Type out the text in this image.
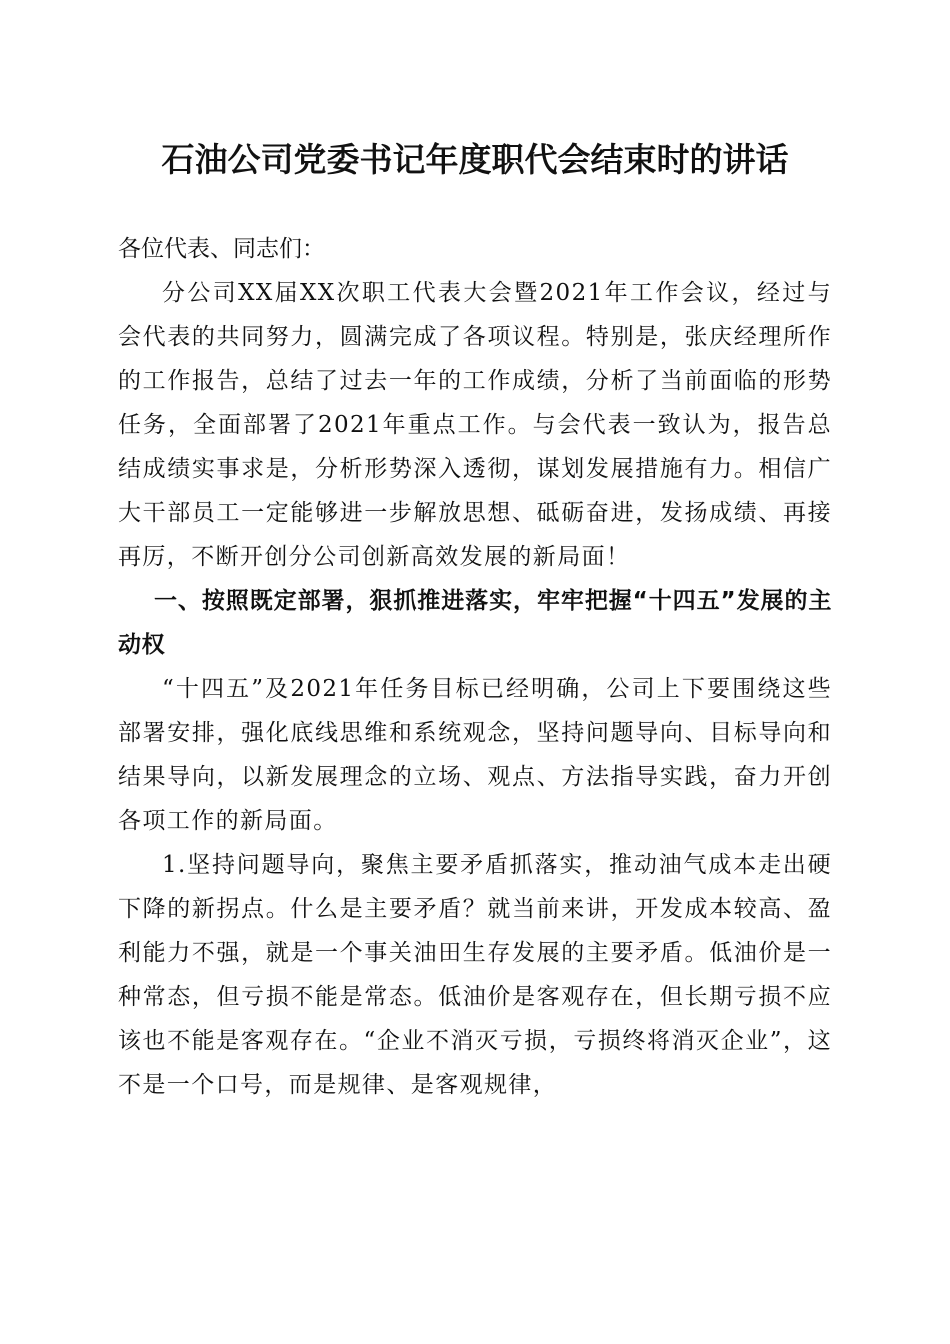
石油公司党委书记年度职代会结束时的讲话

各位代表、同志们：

分公司XX届XX次职工代表大会暨2021年工作会议，经过与会代表的共同努力，圆满完成了各项议程。特别是，张庆经理所作的工作报告，总结了过去一年的工作成绩，分析了当前面临的形势任务，全面部署了2021年重点工作。与会代表一致认为，报告总结成绩实事求是，分析形势深入透彻，谋划发展措施有力。相信广大干部员工一定能够进一步解放思想、砥砺奋进，发扬成绩、再接再厉，不断开创分公司创新高效发展的新局面！

一、按照既定部署，狠抓推进落实，牢牢把握“十四五”发展的主动权

“十四五”及2021年任务目标已经明确，公司上下要围绕这些部署安排，强化底线思维和系统观念，坚持问题导向、目标导向和结果导向，以新发展理念的立场、观点、方法指导实践，奋力开创各项工作的新局面。

1.坚持问题导向，聚焦主要矛盾抓落实，推动油气成本走出硬下降的新拐点。什么是主要矛盾？就当前来讲，开发成本较高、盈利能力不强，就是一个事关油田生存发展的主要矛盾。低油价是一种常态，但亏损不能是常态。低油价是客观存在，但长期亏损不应该也不能是客观存在。“企业不消灭亏损，亏损终将消灭企业”，这不是一个口号，而是规律、是客观规律，
